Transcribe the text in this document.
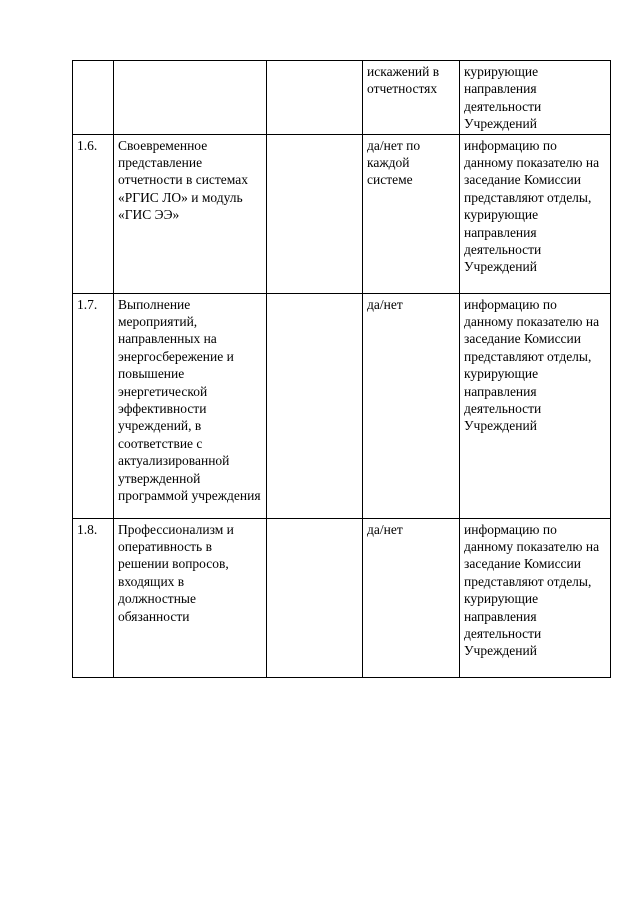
			искажений в отчетностях	курирующие направления деятельности Учреждений

1.6.	Своевременное представление отчетности в системах «РГИС ЛО» и модуль «ГИС ЭЭ»		да/нет по каждой системе	информацию по данному показателю на заседание Комиссии представляют отделы, курирующие направления деятельности Учреждений

1.7.	Выполнение мероприятий, направленных на энергосбережение и повышение энергетической эффективности учреждений, в соответствие с актуализированной утвержденной программой учреждения		да/нет	информацию по данному показателю на заседание Комиссии представляют отделы, курирующие направления деятельности Учреждений

1.8.	Профессионализм и оперативность в решении вопросов, входящих в должностные обязанности		да/нет	информацию по данному показателю на заседание Комиссии представляют отделы, курирующие направления деятельности Учреждений
